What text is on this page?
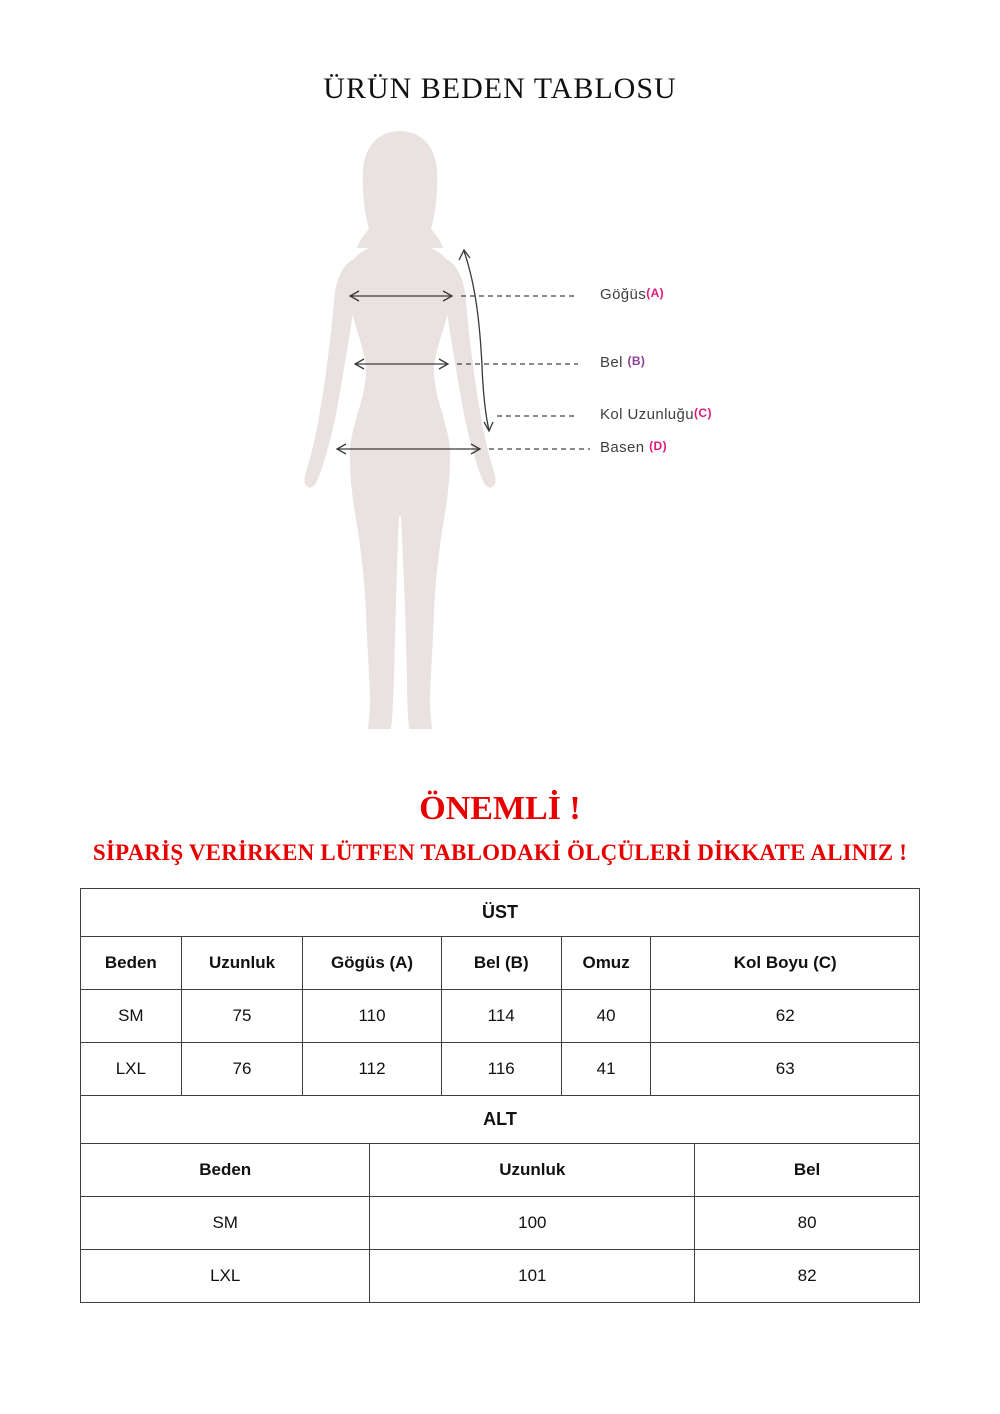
ÜRÜN BEDEN TABLOSU
Göğüs(A)
Bel (B)
Kol Uzunluğu(C)
Basen (D)
ÖNEMLİ !
SİPARİŞ VERİRKEN LÜTFEN TABLODAKİ ÖLÇÜLERİ DİKKATE ALINIZ !
ÜST					
Beden	Uzunluk	Gögüs (A)	Bel (B)	Omuz	Kol Boyu (C)
SM	75	110	114	40	62
LXL	76	112	116	41	63
ALT		
Beden	Uzunluk	Bel
SM	100	80
LXL	101	82
